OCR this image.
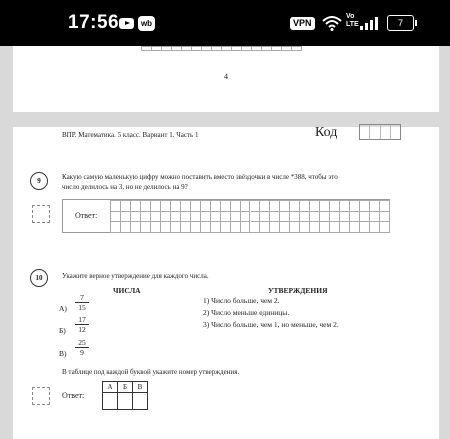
17:56	wb	VPN
Vo LTE	7
4
ВПР. Математика. 5 класс. Вариант 1. Часть 1	Код
9	Какую самую маленькую цифру можно поставить вместо звёздочки в числе *388, чтобы это
число делилось на 3, но не делилось на 9?
Ответ:
10	Укажите верное утверждение для каждого числа.
ЧИСЛА	УТВЕРЖДЕНИЯ
А)
7
15
Б)
17
12
В)
25
9
1) Число больше, чем 2.
2) Число меньше единицы.
3) Число больше, чем 1, но меньше, чем 2.
В таблице под каждой буквой укажите номер утверждения.
Ответ:
А	Б	В
